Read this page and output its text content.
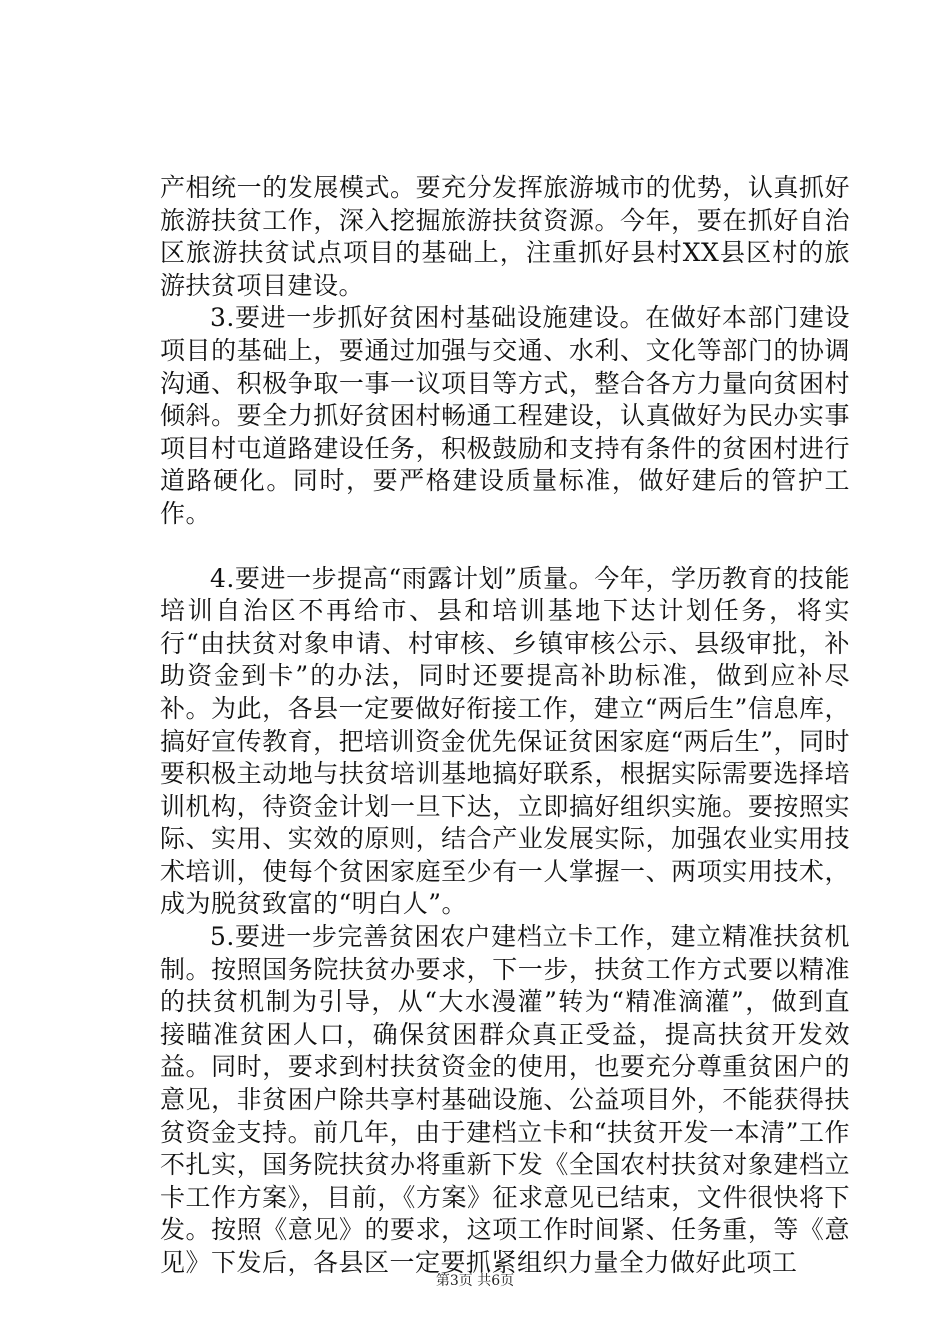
产相统一的发展模式。要充分发挥旅游城市的优势，认真抓好旅游扶贫工作，深入挖掘旅游扶贫资源。今年，要在抓好自治区旅游扶贫试点项目的基础上，注重抓好县村XX县区村的旅游扶贫项目建设。

3.要进一步抓好贫困村基础设施建设。在做好本部门建设项目的基础上，要通过加强与交通、水利、文化等部门的协调沟通、积极争取一事一议项目等方式，整合各方力量向贫困村倾斜。要全力抓好贫困村畅通工程建设，认真做好为民办实事项目村屯道路建设任务，积极鼓励和支持有条件的贫困村进行道路硬化。同时，要严格建设质量标准，做好建后的管护工作。

4.要进一步提高“雨露计划”质量。今年，学历教育的技能培训自治区不再给市、县和培训基地下达计划任务，将实行“由扶贫对象申请、村审核、乡镇审核公示、县级审批，补助资金到卡”的办法，同时还要提高补助标准，做到应补尽补。为此，各县一定要做好衔接工作，建立“两后生”信息库，搞好宣传教育，把培训资金优先保证贫困家庭“两后生”，同时要积极主动地与扶贫培训基地搞好联系，根据实际需要选择培训机构，待资金计划一旦下达，立即搞好组织实施。要按照实际、实用、实效的原则，结合产业发展实际，加强农业实用技术培训，使每个贫困家庭至少有一人掌握一、两项实用技术，成为脱贫致富的“明白人”。

5.要进一步完善贫困农户建档立卡工作，建立精准扶贫机制。按照国务院扶贫办要求，下一步，扶贫工作方式要以精准的扶贫机制为引导，从“大水漫灌”转为“精准滴灌”，做到直接瞄准贫困人口，确保贫困群众真正受益，提高扶贫开发效益。同时，要求到村扶贫资金的使用，也要充分尊重贫困户的意见，非贫困户除共享村基础设施、公益项目外，不能获得扶贫资金支持。前几年，由于建档立卡和“扶贫开发一本清”工作不扎实，国务院扶贫办将重新下发《全国农村扶贫对象建档立卡工作方案》，目前，《方案》征求意见已结束，文件很快将下发。按照《意见》的要求，这项工作时间紧、任务重，等《意见》下发后，各县区一定要抓紧组织力量全力做好此项工

第3页 共6页
